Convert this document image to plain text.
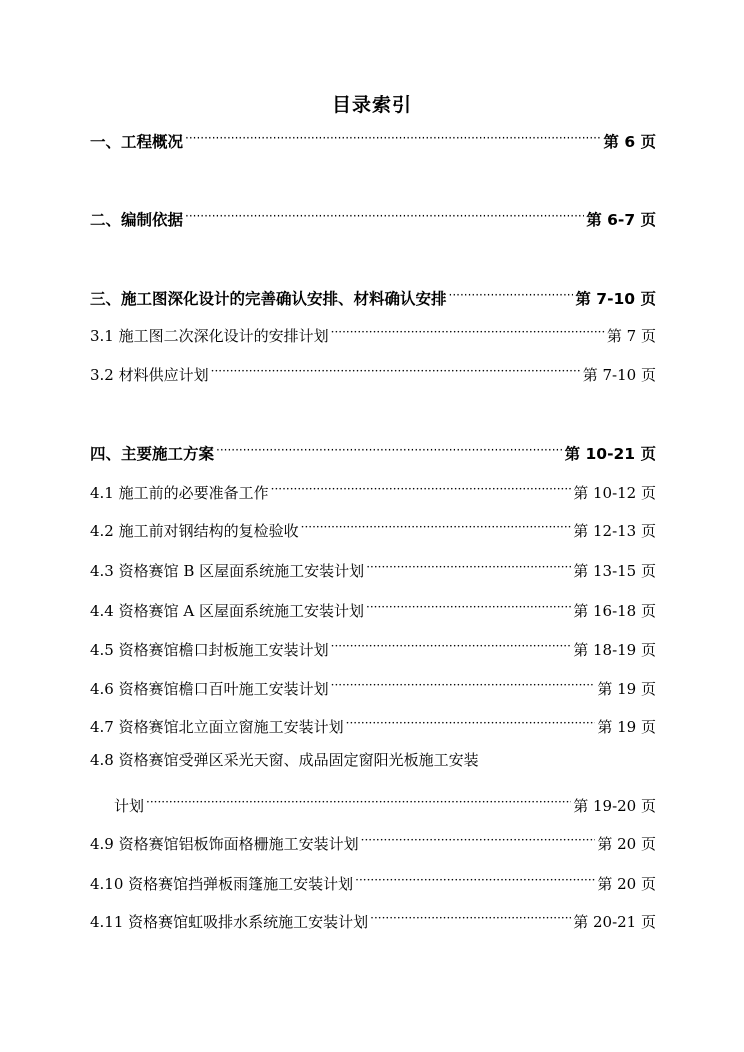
目录索引
一、工程概况 ·····	第 6 页
二、编制依据 ·····	第 6-7 页
三、施工图深化设计的完善确认安排、材料确认安排 ·····	第 7-10 页
3.1 施工图二次深化设计的安排计划 ·····	第 7 页
3.2 材料供应计划 ·····	第 7-10 页
四、主要施工方案 ·····	第 10-21 页
4.1 施工前的必要准备工作 ·····	第 10-12 页
4.2 施工前对钢结构的复检验收 ·····	第 12-13 页
4.3 资格赛馆 B 区屋面系统施工安装计划 ·····	第 13-15 页
4.4 资格赛馆 A 区屋面系统施工安装计划 ·····	第 16-18 页
4.5 资格赛馆檐口封板施工安装计划 ·····	第 18-19 页
4.6 资格赛馆檐口百叶施工安装计划 ·····	第 19 页
4.7 资格赛馆北立面立窗施工安装计划 ·····	第 19 页
4.8 资格赛馆受弹区采光天窗、成品固定窗阳光板施工安装
计划 ·····	第 19-20 页
4.9 资格赛馆铝板饰面格栅施工安装计划 ·····	第 20 页
4.10 资格赛馆挡弹板雨篷施工安装计划 ·····	第 20 页
4.11 资格赛馆虹吸排水系统施工安装计划 ·····	第 20-21 页
